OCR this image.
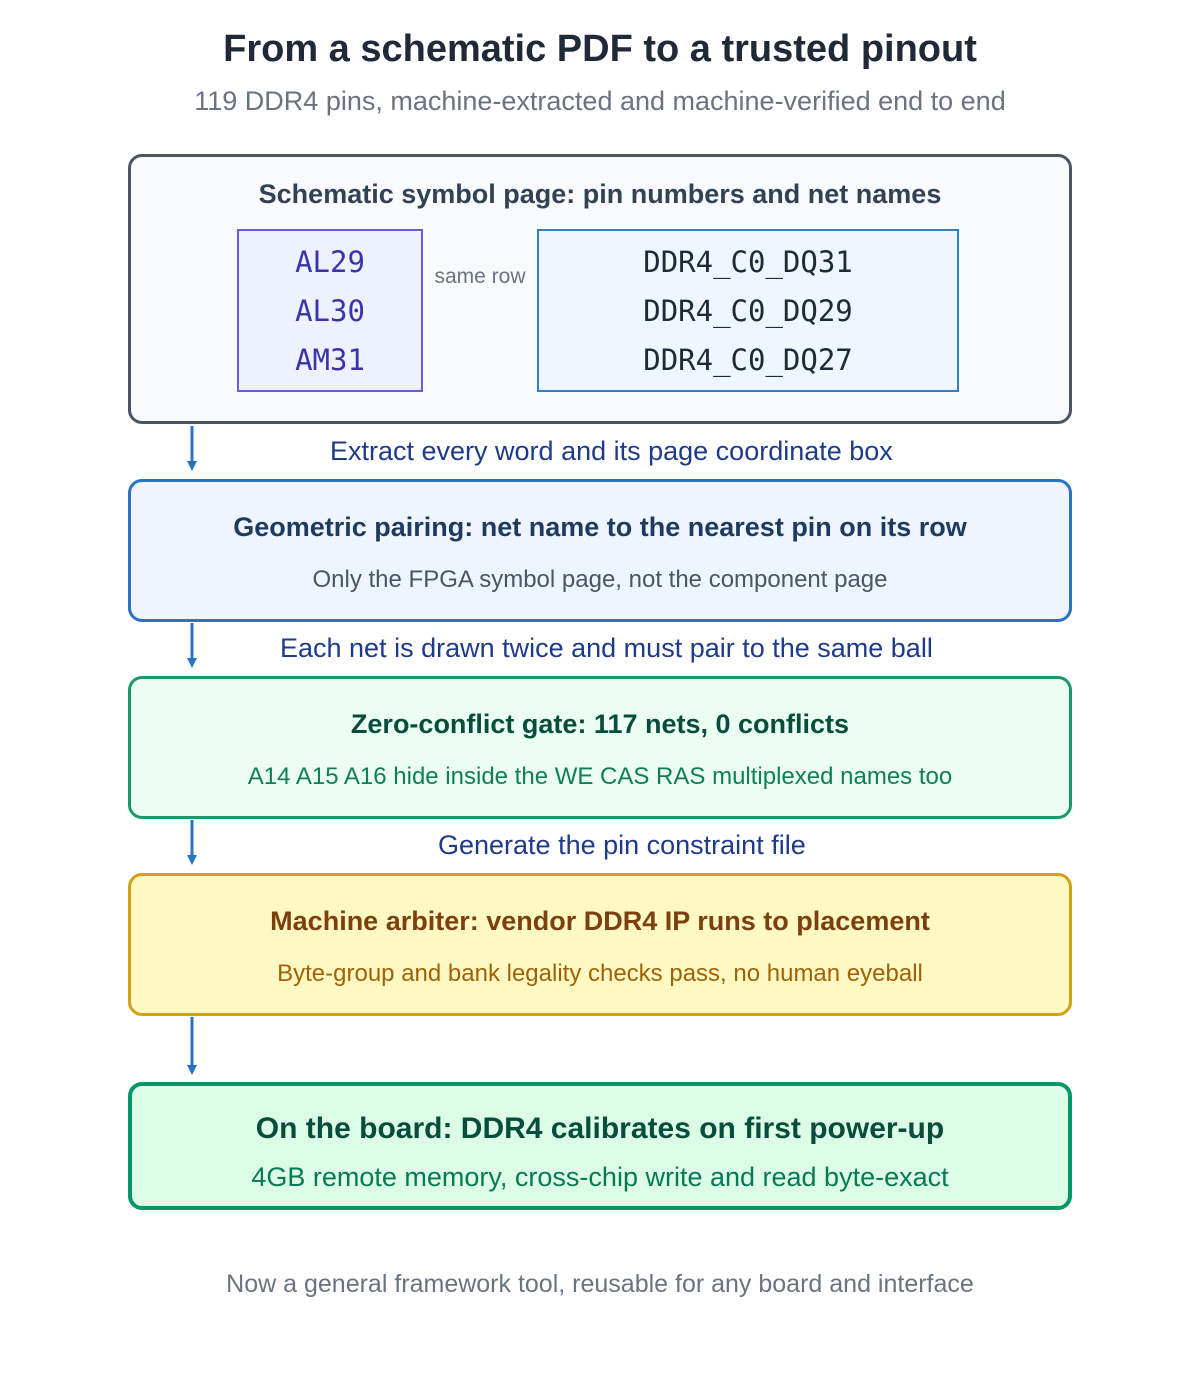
From a schematic PDF to a trusted pinout
119 DDR4 pins, machine-extracted and machine-verified end to end
Schematic symbol page: pin numbers and net names
AL29
AL30
AM31
same row	DDR4_C0_DQ31
DDR4_C0_DQ29
DDR4_C0_DQ27
Extract every word and its page coordinate box
Geometric pairing: net name to the nearest pin on its row
Only the FPGA symbol page, not the component page
Each net is drawn twice and must pair to the same ball
Zero-conflict gate: 117 nets, 0 conflicts
A14 A15 A16 hide inside the WE CAS RAS multiplexed names too
Generate the pin constraint file
Machine arbiter: vendor DDR4 IP runs to placement
Byte-group and bank legality checks pass, no human eyeball
On the board: DDR4 calibrates on first power-up
4GB remote memory, cross-chip write and read byte-exact
Now a general framework tool, reusable for any board and interface
